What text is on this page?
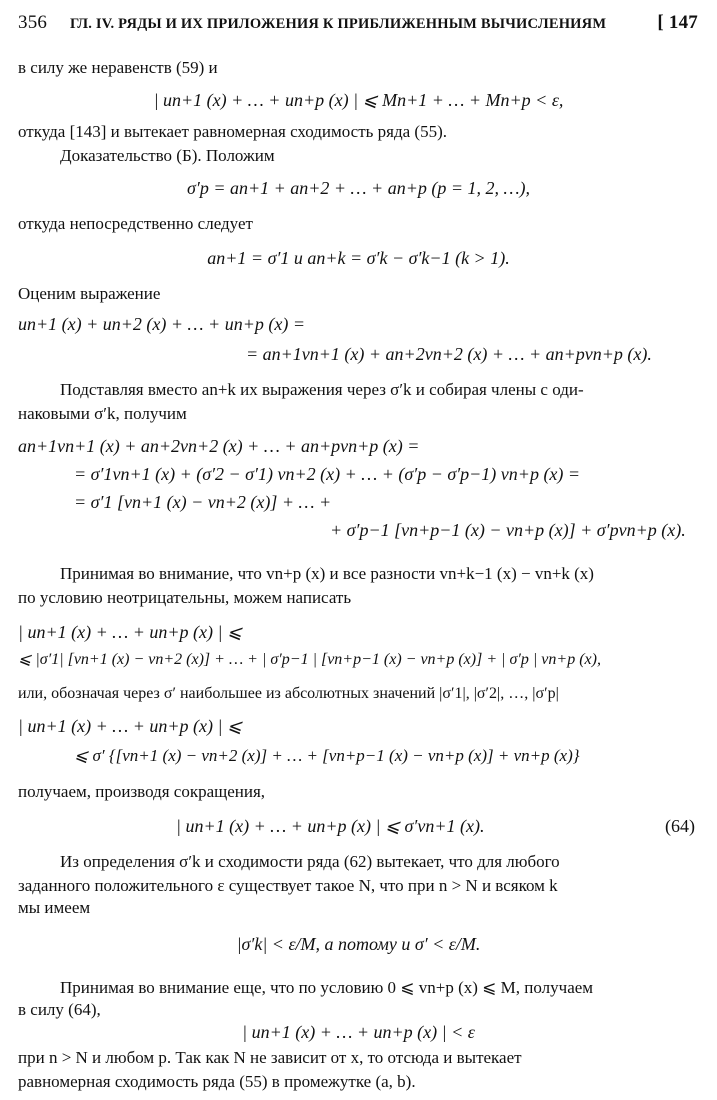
356 ГЛ. IV. РЯДЫ И ИХ ПРИЛОЖЕНИЯ К ПРИБЛИЖЕННЫМ ВЫЧИСЛЕНИЯМ	[ 147
в силу же неравенств (59) и
| un+1 (x) + … + un+p (x) | ⩽ Mn+1 + … + Mn+p < ε,
откуда [143] и вытекает равномерная сходимость ряда (55).
Доказательство (Б). Положим
σ′p = an+1 + an+2 + … + an+p (p = 1, 2, …),
откуда непосредственно следует
an+1 = σ′1 и an+k = σ′k − σ′k−1 (k > 1).
Оценим выражение
un+1 (x) + un+2 (x) + … + un+p (x) =
= an+1vn+1 (x) + an+2vn+2 (x) + … + an+pvn+p (x).
Подставляя вместо an+k их выражения через σ′k и собирая члены с оди-
наковыми σ′k, получим
an+1vn+1 (x) + an+2vn+2 (x) + … + an+pvn+p (x) =
= σ′1vn+1 (x) + (σ′2 − σ′1) vn+2 (x) + … + (σ′p − σ′p−1) vn+p (x) =
= σ′1 [vn+1 (x) − vn+2 (x)] + … +
+ σ′p−1 [vn+p−1 (x) − vn+p (x)] + σ′pvn+p (x).
Принимая во внимание, что vn+p (x) и все разности vn+k−1 (x) − vn+k (x)
по условию неотрицательны, можем написать
| un+1 (x) + … + un+p (x) | ⩽
⩽ |σ′1| [vn+1 (x) − vn+2 (x)] + … + | σ′p−1 | [vn+p−1 (x) − vn+p (x)] + | σ′p | vn+p (x),
или, обозначая через σ′ наибольшее из абсолютных значений |σ′1|, |σ′2|, …, |σ′p|
| un+1 (x) + … + un+p (x) | ⩽
⩽ σ′ {[vn+1 (x) − vn+2 (x)] + … + [vn+p−1 (x) − vn+p (x)] + vn+p (x)}
получаем, производя сокращения,
| un+1 (x) + … + un+p (x) | ⩽ σ′vn+1 (x).	(64)
Из определения σ′k и сходимости ряда (62) вытекает, что для любого
заданного положительного ε существует такое N, что при n > N и всяком k
мы имеем
|σ′k| < ε/M, а потому и σ′ < ε/M.
Принимая во внимание еще, что по условию 0 ⩽ vn+p (x) ⩽ M, получаем
в силу (64),
| un+1 (x) + … + un+p (x) | < ε
при n > N и любом p. Так как N не зависит от x, то отсюда и вытекает
равномерная сходимость ряда (55) в промежутке (a, b).
